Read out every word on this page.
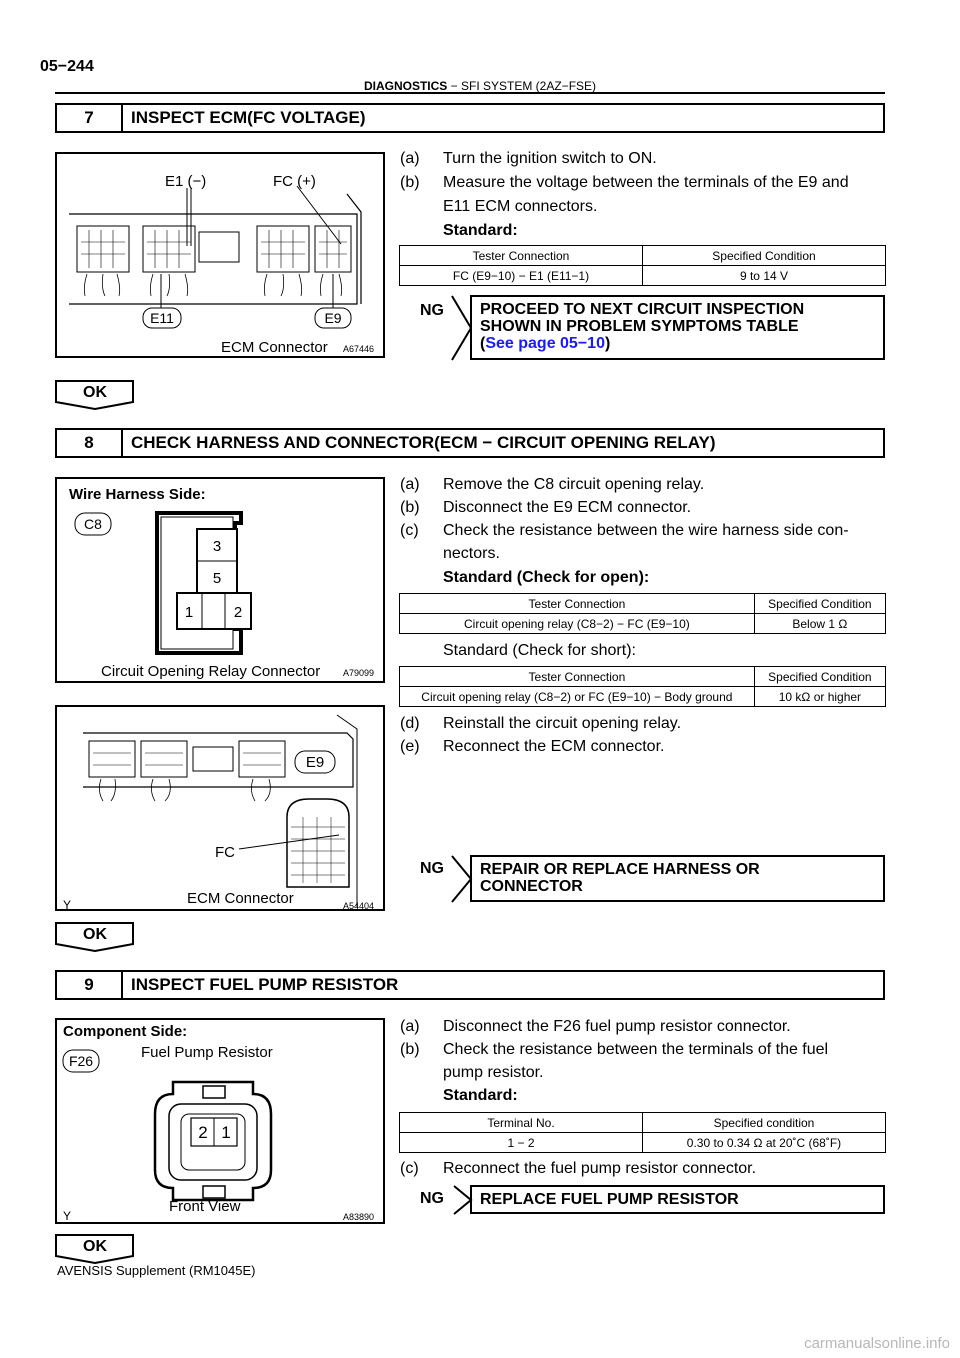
05−244
DIAGNOSTICS − SFI SYSTEM (2AZ−FSE)
7	INSPECT ECM(FC VOLTAGE)
E1 (−)	FC (+)
E11	E9
ECM Connector A67446
(a) Turn the ignition switch to ON.
(b) Measure the voltage between the terminals of the E9 and
E11 ECM connectors.
Standard:
Tester Connection	Specified Condition
FC (E9−10) − E1 (E11−1)	9 to 14 V
NG PROCEED TO NEXT CIRCUIT INSPECTION
SHOWN IN PROBLEM SYMPTOMS TABLE
(See page 05−10)
OK
8	CHECK HARNESS AND CONNECTOR(ECM − CIRCUIT OPENING RELAY)
Wire Harness Side:
C8
3
5
1	2
Circuit Opening Relay Connector	A79099
E9
FC
ECM Connector
Y	A54404
(a) Remove the C8 circuit opening relay.
(b) Disconnect the E9 ECM connector.
(c) Check the resistance between the wire harness side con-
nectors.
Standard (Check for open):
Tester Connection	Specified Condition
Circuit opening relay (C8−2) − FC (E9−10)	Below 1 Ω
Standard (Check for short):
Tester Connection	Specified Condition
Circuit opening relay (C8−2) or FC (E9−10) − Body ground	10 kΩ or higher
(d) Reinstall the circuit opening relay.
(e) Reconnect the ECM connector.
NG REPAIR OR REPLACE HARNESS OR
CONNECTOR
OK
9	INSPECT FUEL PUMP RESISTOR
Component Side:
Fuel Pump Resistor
F26
2 1
Front View
Y	A83890
(a) Disconnect the F26 fuel pump resistor connector.
(b) Check the resistance between the terminals of the fuel
pump resistor.
Standard:
Terminal No.	Specified condition
1 − 2	0.30 to 0.34 Ω at 20˚C (68˚F)
(c) Reconnect the fuel pump resistor connector.
NG REPLACE FUEL PUMP RESISTOR
OK
AVENSIS Supplement (RM1045E)
carmanualsonline.info
